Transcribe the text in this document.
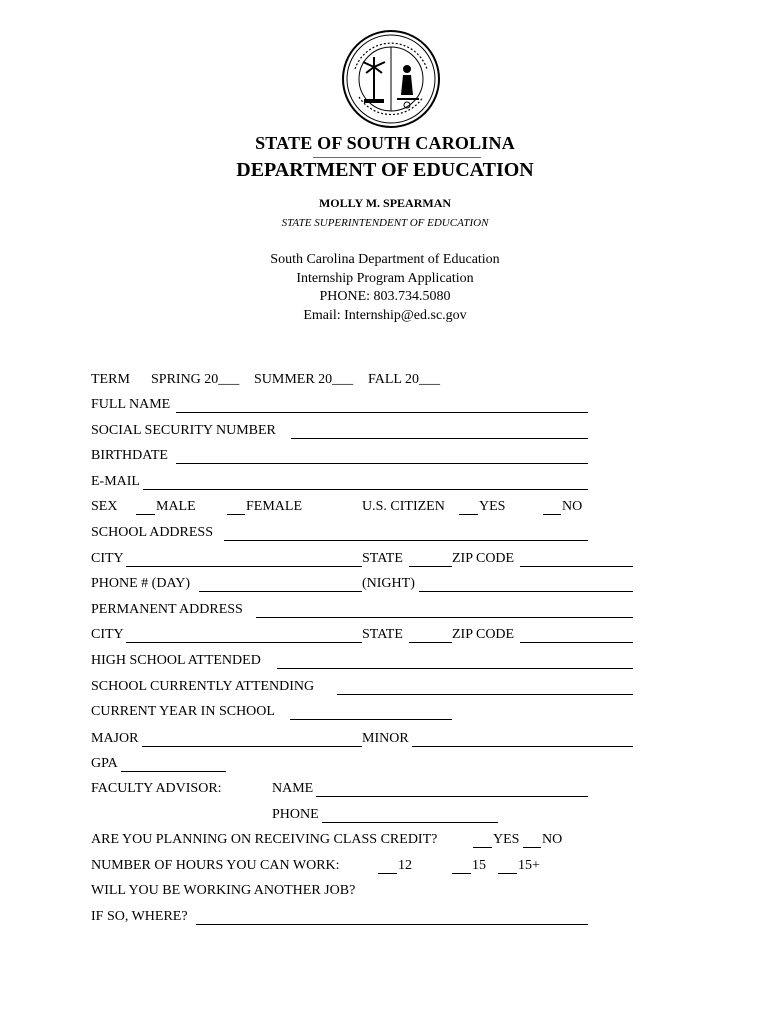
STATE OF SOUTH CAROLINA
DEPARTMENT OF EDUCATION
MOLLY M. SPEARMAN
STATE SUPERINTENDENT OF EDUCATION
South Carolina Department of Education
Internship Program Application
PHONE: 803.734.5080
Email: Internship@ed.sc.gov
TERM SPRING 20___ SUMMER 20___ FALL 20___
FULL NAME
SOCIAL SECURITY NUMBER
BIRTHDATE
E-MAIL
SEX	MALE	FEMALE	U.S. CITIZEN YES	NO
SCHOOL ADDRESS
CITY	STATE	ZIP CODE
PHONE # (DAY)	(NIGHT)
PERMANENT ADDRESS
CITY	STATE	ZIP CODE
HIGH SCHOOL ATTENDED
SCHOOL CURRENTLY ATTENDING
CURRENT YEAR IN SCHOOL
MAJOR	MINOR
GPA
FACULTY ADVISOR:	NAME
PHONE
ARE YOU PLANNING ON RECEIVING CLASS CREDIT?	YES NO
NUMBER OF HOURS YOU CAN WORK:	12	15 15+
WILL YOU BE WORKING ANOTHER JOB?
IF SO, WHERE?
